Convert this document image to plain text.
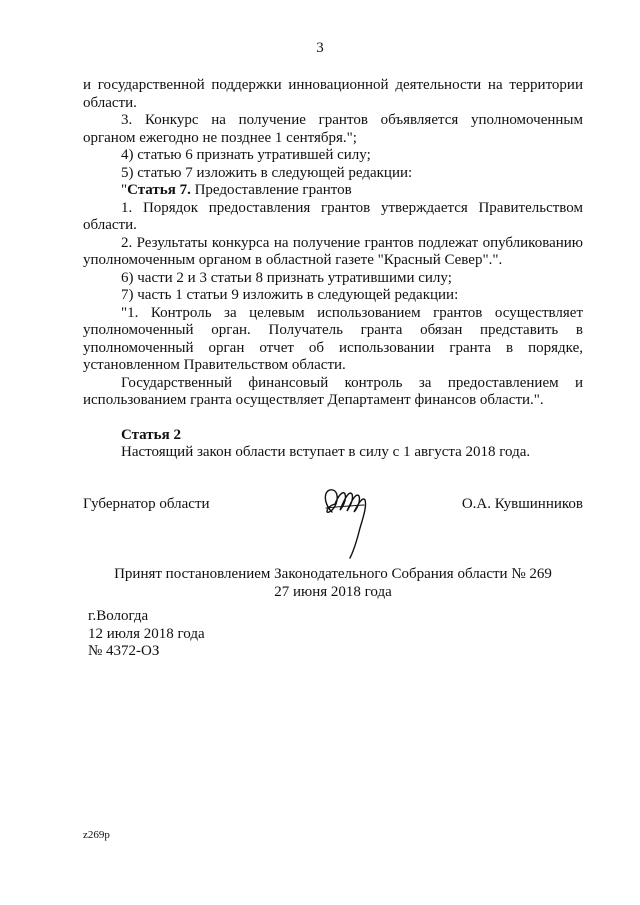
3

и государственной поддержки инновационной деятельности на территории области.

3. Конкурс на получение грантов объявляется уполномоченным органом ежегодно не позднее 1 сентября.";

4) статью 6 признать утратившей силу;

5) статью 7 изложить в следующей редакции:

"Статья 7. Предоставление грантов

1. Порядок предоставления грантов утверждается Правительством области.

2. Результаты конкурса на получение грантов подлежат опубликованию уполномоченным органом в областной газете "Красный Север".".

6) части 2 и 3 статьи 8 признать утратившими силу;

7) часть 1 статьи 9 изложить в следующей редакции:

"1. Контроль за целевым использованием грантов осуществляет уполномоченный орган. Получатель гранта обязан представить в уполномоченный орган отчет об использовании гранта в порядке, установленном Правительством области.

Государственный финансовый контроль за предоставлением и использованием гранта осуществляет Департамент финансов области.".

Статья 2

Настоящий закон области вступает в силу с 1 августа 2018 года.

Губернатор области	О.А. Кувшинников
Принят постановлением Законодательного Собрания области № 269
27 июня 2018 года
г.Вологда
12 июля 2018 года
№ 4372-ОЗ
z269p
